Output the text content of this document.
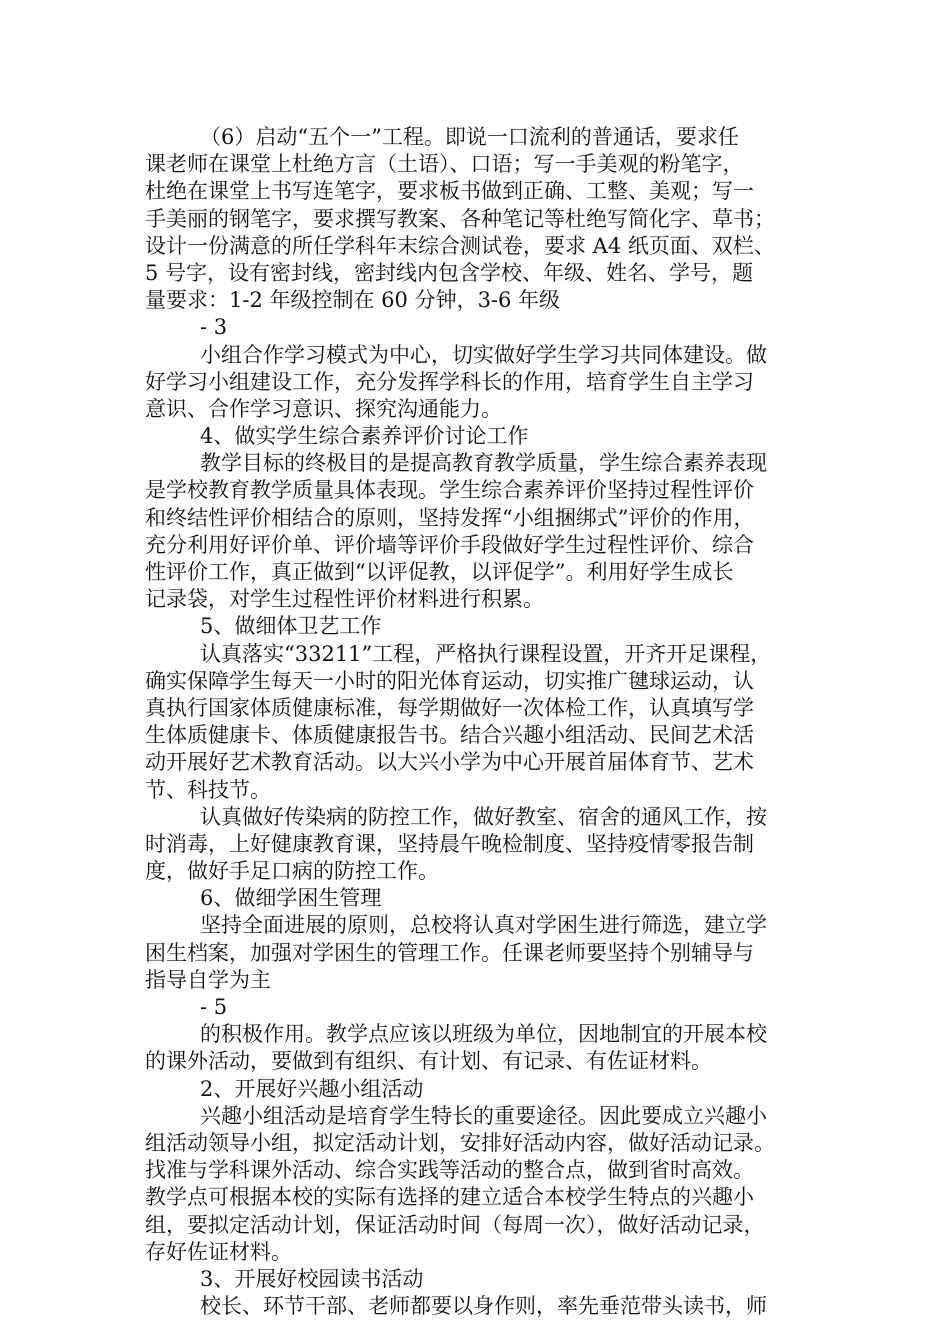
（6）启动“五个一”工程。即说一口流利的普通话，要求任
课老师在课堂上杜绝方言（土语）、口语；写一手美观的粉笔字，
杜绝在课堂上书写连笔字，要求板书做到正确、工整、美观；写一
手美丽的钢笔字，要求撰写教案、各种笔记等杜绝写简化字、草书；
设计一份满意的所任学科年末综合测试卷，要求 A4 纸页面、双栏、
5 号字，设有密封线，密封线内包含学校、年级、姓名、学号，题
量要求：1-2 年级控制在 60 分钟，3-6 年级
- 3
小组合作学习模式为中心，切实做好学生学习共同体建设。做
好学习小组建设工作，充分发挥学科长的作用，培育学生自主学习
意识、合作学习意识、探究沟通能力。
4、做实学生综合素养评价讨论工作
教学目标的终极目的是提高教育教学质量，学生综合素养表现
是学校教育教学质量具体表现。学生综合素养评价坚持过程性评价
和终结性评价相结合的原则，坚持发挥“小组捆绑式”评价的作用，
充分利用好评价单、评价墙等评价手段做好学生过程性评价、综合
性评价工作，真正做到“以评促教，以评促学”。利用好学生成长
记录袋，对学生过程性评价材料进行积累。
5、做细体卫艺工作
认真落实“33211”工程，严格执行课程设置，开齐开足课程，
确实保障学生每天一小时的阳光体育运动，切实推广毽球运动，认
真执行国家体质健康标准，每学期做好一次体检工作，认真填写学
生体质健康卡、体质健康报告书。结合兴趣小组活动、民间艺术活
动开展好艺术教育活动。以大兴小学为中心开展首届体育节、艺术
节、科技节。
认真做好传染病的防控工作，做好教室、宿舍的通风工作，按
时消毒，上好健康教育课，坚持晨午晚检制度、坚持疫情零报告制
度，做好手足口病的防控工作。
6、做细学困生管理
坚持全面进展的原则，总校将认真对学困生进行筛选，建立学
困生档案，加强对学困生的管理工作。任课老师要坚持个别辅导与
指导自学为主
- 5
的积极作用。教学点应该以班级为单位，因地制宜的开展本校
的课外活动，要做到有组织、有计划、有记录、有佐证材料。
2、开展好兴趣小组活动
兴趣小组活动是培育学生特长的重要途径。因此要成立兴趣小
组活动领导小组，拟定活动计划，安排好活动内容，做好活动记录。
找准与学科课外活动、综合实践等活动的整合点，做到省时高效。
教学点可根据本校的实际有选择的建立适合本校学生特点的兴趣小
组，要拟定活动计划，保证活动时间（每周一次），做好活动记录，
存好佐证材料。
3、开展好校园读书活动
校长、环节干部、老师都要以身作则，率先垂范带头读书，师
